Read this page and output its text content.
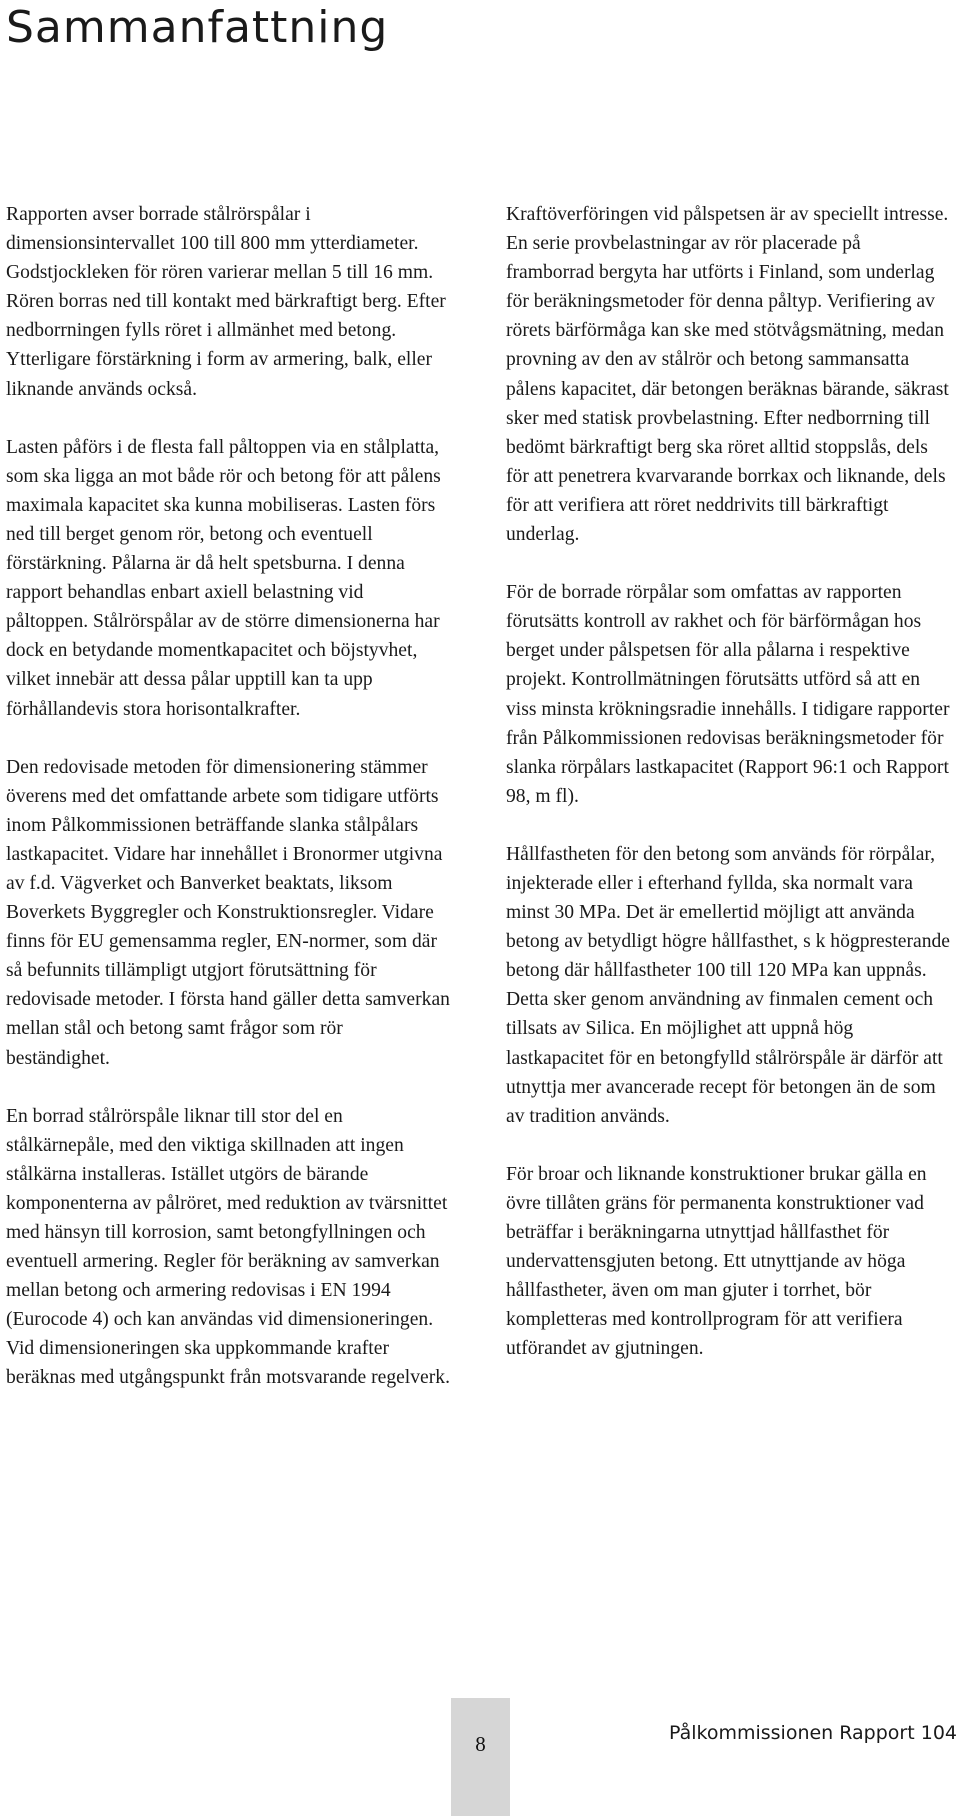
Sammanfattning

Rapporten avser borrade stålrörspålar i dimensionsintervallet 100 till 800 mm ytterdiameter. Godstjockleken för rören varierar mellan 5 till 16 mm. Rören borras ned till kontakt med bärkraftigt berg. Efter nedborrningen fylls röret i allmänhet med betong. Ytterligare förstärkning i form av armering, balk, eller liknande används också.

Lasten påförs i de flesta fall påltoppen via en stålplatta, som ska ligga an mot både rör och betong för att pålens maximala kapacitet ska kunna mobiliseras. Lasten förs ned till berget genom rör, betong och eventuell förstärkning. Pålarna är då helt spetsburna. I denna rapport behandlas enbart axiell belastning vid påltoppen. Stålrörspålar av de större dimensionerna har dock en betydande momentkapacitet och böjstyvhet, vilket innebär att dessa pålar upptill kan ta upp förhållandevis stora horisontalkrafter.

Den redovisade metoden för dimensionering stämmer överens med det omfattande arbete som tidigare utförts inom Pålkommissionen beträffande slanka stålpålars lastkapacitet. Vidare har innehållet i Bronormer utgivna av f.d. Vägverket och Banverket beaktats, liksom Boverkets Byggregler och Konstruktionsregler. Vidare finns för EU gemensamma regler, EN-normer, som där så befunnits tillämpligt utgjort förutsättning för redovisade metoder. I första hand gäller detta samverkan mellan stål och betong samt frågor som rör beständighet.

En borrad stålrörspåle liknar till stor del en stålkärnepåle, med den viktiga skillnaden att ingen stålkärna installeras. Istället utgörs de bärande komponenterna av pålröret, med reduktion av tvärsnittet med hänsyn till korrosion, samt betongfyllningen och eventuell armering. Regler för beräkning av samverkan mellan betong och armering redovisas i EN 1994 (Eurocode 4) och kan användas vid dimensioneringen. Vid dimensioneringen ska uppkommande krafter beräknas med utgångspunkt från motsvarande regelverk.

Kraftöverföringen vid pålspetsen är av speciellt intresse. En serie provbelastningar av rör placerade på framborrad bergyta har utförts i Finland, som underlag för beräkningsmetoder för denna påltyp. Verifiering av rörets bärförmåga kan ske med stötvågsmätning, medan provning av den av stålrör och betong sammansatta pålens kapacitet, där betongen beräknas bärande, säkrast sker med statisk provbelastning. Efter nedborrning till bedömt bärkraftigt berg ska röret alltid stoppslås, dels för att penetrera kvarvarande borrkax och liknande, dels för att verifiera att röret neddrivits till bärkraftigt underlag.

För de borrade rörpålar som omfattas av rapporten förutsätts kontroll av rakhet och för bärförmågan hos berget under pålspetsen för alla pålarna i respektive projekt. Kontrollmätningen förutsätts utförd så att en viss minsta krökningsradie innehålls. I tidigare rapporter från Pålkommissionen redovisas beräkningsmetoder för slanka rörpålars lastkapacitet (Rapport 96:1 och Rapport 98, m fl).

Hållfastheten för den betong som används för rörpålar, injekterade eller i efterhand fyllda, ska normalt vara minst 30 MPa. Det är emellertid möjligt att använda betong av betydligt högre hållfasthet, s k högpresterande betong där hållfastheter 100 till 120 MPa kan uppnås. Detta sker genom användning av finmalen cement och tillsats av Silica. En möjlighet att uppnå hög lastkapacitet för en betongfylld stålrörspåle är därför att utnyttja mer avancerade recept för betongen än de som av tradition används.

För broar och liknande konstruktioner brukar gälla en övre tillåten gräns för permanenta konstruktioner vad beträffar i beräkningarna utnyttjad hållfasthet för undervattensgjuten betong. Ett utnyttjande av höga hållfastheter, även om man gjuter i torrhet, bör kompletteras med kontrollprogram för att verifiera utförandet av gjutningen.

8	Pålkommissionen Rapport 104
